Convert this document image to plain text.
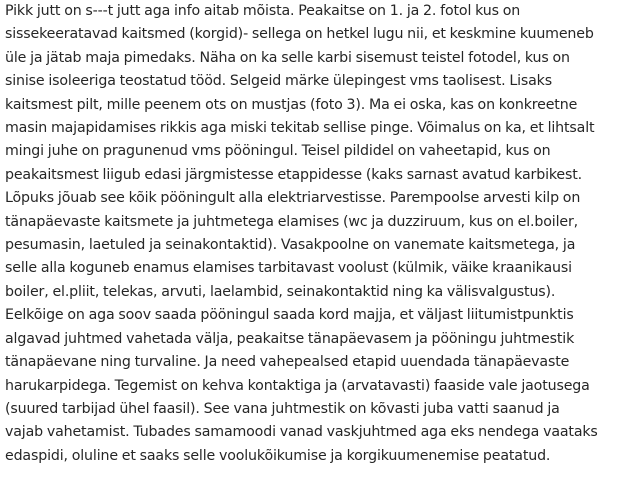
Pikk jutt on s---t jutt aga info aitab mõista. Peakaitse on 1. ja 2. fotol kus on
sissekeeratavad kaitsmed (korgid)- sellega on hetkel lugu nii, et keskmine kuumeneb
üle ja jätab maja pimedaks. Näha on ka selle karbi sisemust teistel fotodel, kus on
sinise isoleeriga teostatud tööd. Selgeid märke ülepingest vms taolisest. Lisaks
kaitsmest pilt, mille peenem ots on mustjas (foto 3). Ma ei oska, kas on konkreetne
masin majapidamises rikkis aga miski tekitab sellise pinge. Võimalus on ka, et lihtsalt
mingi juhe on pragunenud vms pööningul. Teisel pildidel on vaheetapid, kus on
peakaitsmest liigub edasi järgmistesse etappidesse (kaks sarnast avatud karbikest.
Lõpuks jõuab see kõik pööningult alla elektriarvestisse. Parempoolse arvesti kilp on
tänapäevaste kaitsmete ja juhtmetega elamises (wc ja duzziruum, kus on el.boiler,
pesumasin, laetuled ja seinakontaktid). Vasakpoolne on vanemate kaitsmetega, ja
selle alla koguneb enamus elamises tarbitavast voolust (külmik, väike kraanikausi
boiler, el.pliit, telekas, arvuti, laelambid, seinakontaktid ning ka välisvalgustus).
Eelkõige on aga soov saada pööningul saada kord majja, et väljast liitumistpunktis
algavad juhtmed vahetada välja, peakaitse tänapäevasem ja pööningu juhtmestik
tänapäevane ning turvaline. Ja need vahepealsed etapid uuendada tänapäevaste
harukarpidega. Tegemist on kehva kontaktiga ja (arvatavasti) faaside vale jaotusega
(suured tarbijad ühel faasil). See vana juhtmestik on kõvasti juba vatti saanud ja
vajab vahetamist. Tubades samamoodi vanad vaskjuhtmed aga eks nendega vaataks
edaspidi, oluline et saaks selle voolukõikumise ja korgikuumenemise peatatud.
